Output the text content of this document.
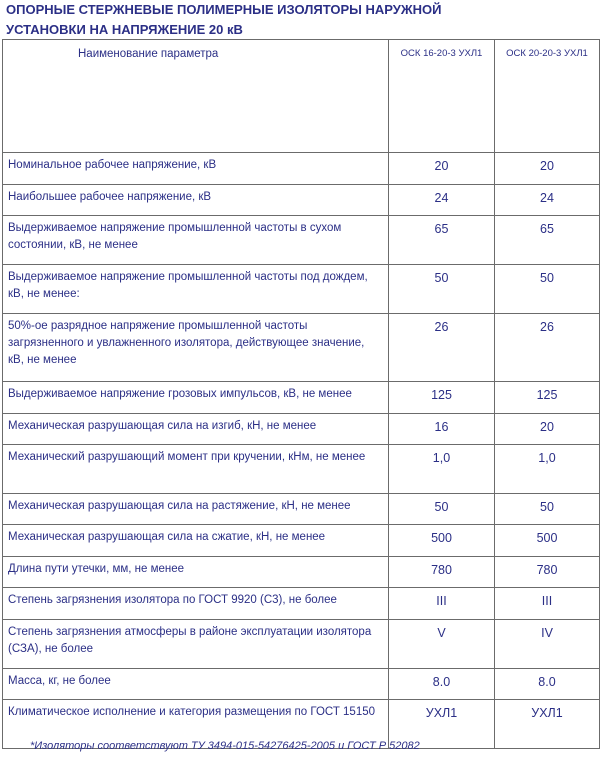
ОПОРНЫЕ СТЕРЖНЕВЫЕ ПОЛИМЕРНЫЕ ИЗОЛЯТОРЫ НАРУЖНОЙ
УСТАНОВКИ НА НАПРЯЖЕНИЕ 20 кВ
Наименование параметра	ОСК 16-20-3 УХЛ1	ОСК 20-20-3 УХЛ1
Номинальное рабочее напряжение, кВ	20	20
Наибольшее рабочее напряжение, кВ	24	24
Выдерживаемое напряжение промышленной частоты в сухом состоянии, кВ, не менее	65	65
Выдерживаемое напряжение промышленной частоты под дождем, кВ, не менее:	50	50
50%-ое разрядное напряжение промышленной частоты загрязненного и увлажненного изолятора, действующее значение, кВ, не менее	26	26
Выдерживаемое напряжение грозовых импульсов, кВ, не менее	125	125
Механическая разрушающая сила на изгиб, кН, не менее	16	20
Механический разрушающий момент при кручении, кНм, не менее	1,0	1,0
Механическая разрушающая сила на растяжение, кН, не менее	50	50
Механическая разрушающая сила на сжатие, кН, не менее	500	500
Длина пути утечки, мм, не менее	780	780
Степень загрязнения изолятора по ГОСТ 9920 (С3), не более	III	III
Степень загрязнения атмосферы в районе эксплуатации изолятора (СЗА), не более	V	IV
Масса, кг, не более	8.0	8.0
Климатическое исполнение и категория размещения по ГОСТ 15150	УХЛ1	УХЛ1
*Изоляторы соответствуют ТУ 3494-015-54276425-2005 и ГОСТ Р 52082
